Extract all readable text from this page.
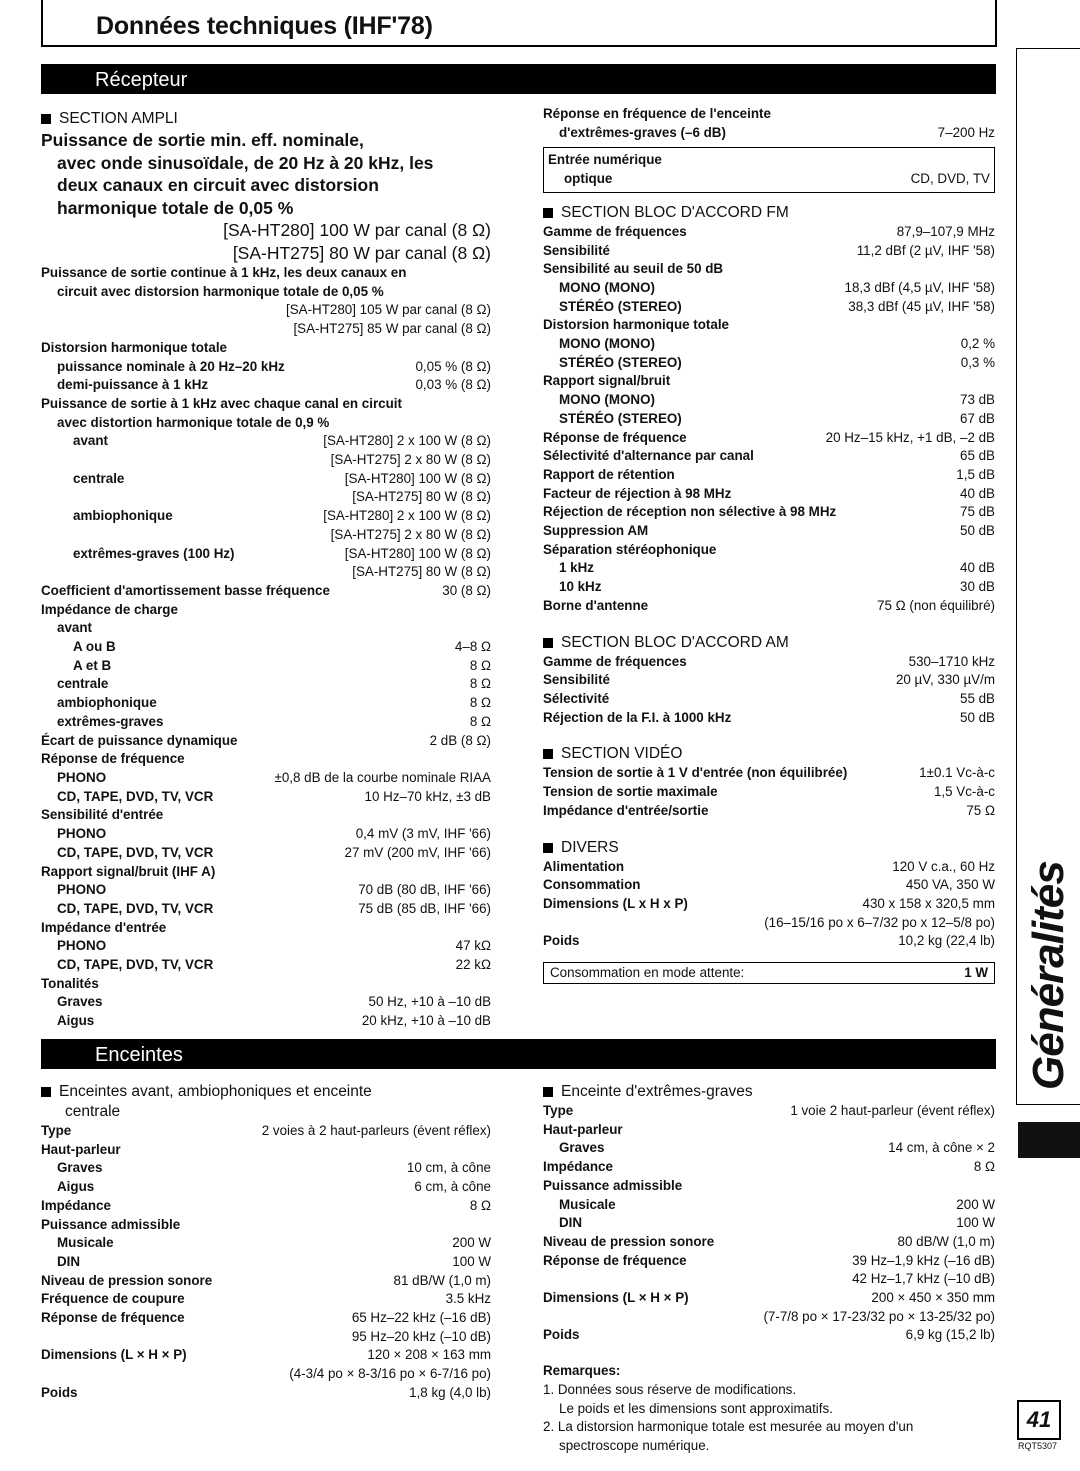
Données techniques (IHF'78)
Généralités
41
RQT5307
Récepteur
SECTION AMPLI
Puissance de sortie min. eff. nominale,
avec onde sinusoïdale, de 20 Hz à 20 kHz, les
deux canaux en circuit avec distorsion
harmonique totale de 0,05 %
[SA-HT280] 100 W par canal (8 Ω)
[SA-HT275] 80 W par canal (8 Ω)
Puissance de sortie continue à 1 kHz, les deux canaux en
circuit avec distorsion harmonique totale de 0,05 %
[SA-HT280] 105 W par canal (8 Ω)
[SA-HT275] 85 W par canal (8 Ω)
Distorsion harmonique totale
puissance nominale à 20 Hz–20 kHz	0,05 % (8 Ω)
demi-puissance à 1 kHz	0,03 % (8 Ω)
Puissance de sortie à 1 kHz avec chaque canal en circuit
avec distortion harmonique totale de 0,9 %
avant	[SA-HT280] 2 x 100 W (8 Ω)
[SA-HT275] 2 x 80 W (8 Ω)
centrale	[SA-HT280] 100 W (8 Ω)
[SA-HT275] 80 W (8 Ω)
ambiophonique	[SA-HT280] 2 x 100 W (8 Ω)
[SA-HT275] 2 x 80 W (8 Ω)
extrêmes-graves (100 Hz)	[SA-HT280] 100 W (8 Ω)
[SA-HT275] 80 W (8 Ω)
Coefficient d'amortissement basse fréquence	30 (8 Ω)
Impédance de charge
avant
A ou B	4–8 Ω
A et B	8 Ω
centrale	8 Ω
ambiophonique	8 Ω
extrêmes-graves	8 Ω
Écart de puissance dynamique	2 dB (8 Ω)
Réponse de fréquence
PHONO	±0,8 dB de la courbe nominale RIAA
CD, TAPE, DVD, TV, VCR	10 Hz–70 kHz, ±3 dB
Sensibilité d'entrée
PHONO	0,4 mV (3 mV, IHF '66)
CD, TAPE, DVD, TV, VCR	27 mV (200 mV, IHF '66)
Rapport signal/bruit (IHF A)
PHONO	70 dB (80 dB, IHF '66)
CD, TAPE, DVD, TV, VCR	75 dB (85 dB, IHF '66)
Impédance d'entrée
PHONO	47 kΩ
CD, TAPE, DVD, TV, VCR	22 kΩ
Tonalités
Graves	50 Hz, +10 à –10 dB
Aigus	20 kHz, +10 à –10 dB
Réponse en fréquence de l'enceinte
d'extrêmes-graves (–6 dB)	7–200 Hz
Entrée numérique
optique	CD, DVD, TV
SECTION BLOC D'ACCORD FM
Gamme de fréquences	87,9–107,9 MHz
Sensibilité	11,2 dBf (2 µV, IHF '58)
Sensibilité au seuil de 50 dB
MONO (MONO)	18,3 dBf (4,5 µV, IHF '58)
STÉRÉO (STEREO)	38,3 dBf (45 µV, IHF '58)
Distorsion harmonique totale
MONO (MONO)	0,2 %
STÉRÉO (STEREO)	0,3 %
Rapport signal/bruit
MONO (MONO)	73 dB
STÉRÉO (STEREO)	67 dB
Réponse de fréquence	20 Hz–15 kHz, +1 dB, –2 dB
Sélectivité d'alternance par canal	65 dB
Rapport de rétention	1,5 dB
Facteur de réjection à 98 MHz	40 dB
Réjection de réception non sélective à 98 MHz	75 dB
Suppression AM	50 dB
Séparation stéréophonique
1 kHz	40 dB
10 kHz	30 dB
Borne d'antenne	75 Ω (non équilibré)
SECTION BLOC D'ACCORD AM
Gamme de fréquences	530–1710 kHz
Sensibilité	20 µV, 330 µV/m
Sélectivité	55 dB
Réjection de la F.I. à 1000 kHz	50 dB
SECTION VIDÉO
Tension de sortie à 1 V d'entrée (non équilibrée)	1±0.1 Vc-à-c
Tension de sortie maximale	1,5 Vc-à-c
Impédance d'entrée/sortie	75 Ω
DIVERS
Alimentation	120 V c.a., 60 Hz
Consommation	450 VA, 350 W
Dimensions (L x H x P)	430 x 158 x 320,5 mm
(16–15/16 po x 6–7/32 po x 12–5/8 po)
Poids	10,2 kg (22,4 lb)
Consommation en mode attente:	1 W
Enceintes
Enceintes avant, ambiophoniques et enceinte
centrale
Type	2 voies à 2 haut-parleurs (évent réflex)
Haut-parleur
Graves	10 cm, à cône
Aigus	6 cm, à cône
Impédance	8 Ω
Puissance admissible
Musicale	200 W
DIN	100 W
Niveau de pression sonore	81 dB/W (1,0 m)
Fréquence de coupure	3.5 kHz
Réponse de fréquence	65 Hz–22 kHz (–16 dB)
95 Hz–20 kHz (–10 dB)
Dimensions (L × H × P)	120 × 208 × 163 mm
(4-3/4 po × 8-3/16 po × 6-7/16 po)
Poids	1,8 kg (4,0 lb)
Enceinte d'extrêmes-graves
Type	1 voie 2 haut-parleur (évent réflex)
Haut-parleur
Graves	14 cm, à cône × 2
Impédance	8 Ω
Puissance admissible
Musicale	200 W
DIN	100 W
Niveau de pression sonore	80 dB/W (1,0 m)
Réponse de fréquence	39 Hz–1,9 kHz (–16 dB)
42 Hz–1,7 kHz (–10 dB)
Dimensions (L × H × P)	200 × 450 × 350 mm
(7-7/8 po × 17-23/32 po × 13-25/32 po)
Poids	6,9 kg (15,2 lb)
Remarques:
1. Données sous réserve de modifications.
Le poids et les dimensions sont approximatifs.
2. La distorsion harmonique totale est mesurée au moyen d'un
spectroscope numérique.
